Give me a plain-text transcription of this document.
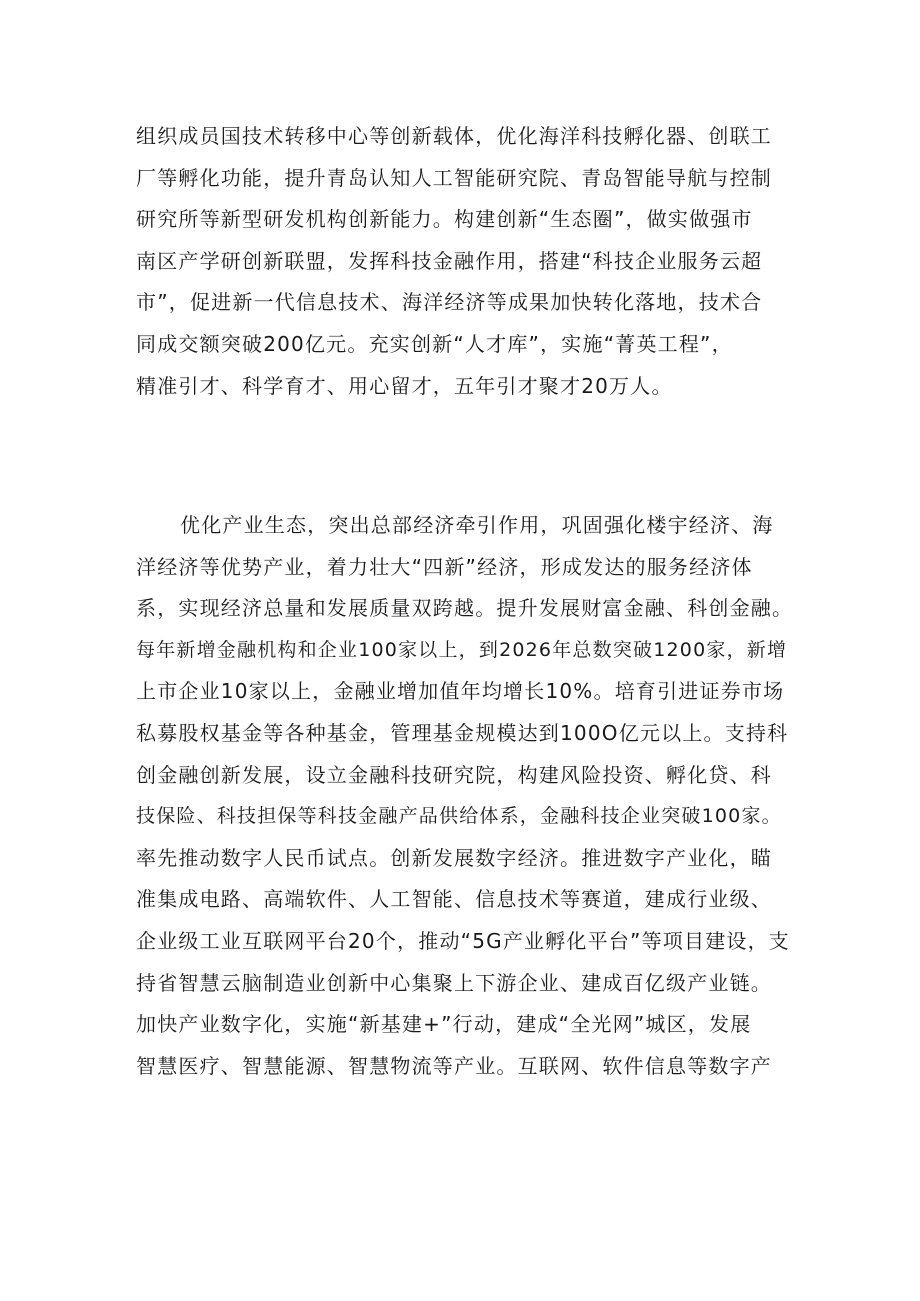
组织成员国技术转移中心等创新载体，优化海洋科技孵化器、创联工
厂等孵化功能，提升青岛认知人工智能研究院、青岛智能导航与控制
研究所等新型研发机构创新能力。构建创新“生态圈”，做实做强市
南区产学研创新联盟，发挥科技金融作用，搭建“科技企业服务云超
市”，促进新一代信息技术、海洋经济等成果加快转化落地，技术合
同成交额突破200亿元。充实创新“人才库”，实施“菁英工程”，
精准引才、科学育才、用心留才，五年引才聚才20万人。
优化产业生态，突出总部经济牵引作用，巩固强化楼宇经济、海
洋经济等优势产业，着力壮大“四新”经济，形成发达的服务经济体
系，实现经济总量和发展质量双跨越。提升发展财富金融、科创金融。
每年新增金融机构和企业100家以上，到2026年总数突破1200家，新增
上市企业10家以上，金融业增加值年均增长10%。培育引进证券市场
私募股权基金等各种基金，管理基金规模达到100O亿元以上。支持科
创金融创新发展，设立金融科技研究院，构建风险投资、孵化贷、科
技保险、科技担保等科技金融产品供给体系，金融科技企业突破100家。
率先推动数字人民币试点。创新发展数字经济。推进数字产业化，瞄
准集成电路、高端软件、人工智能、信息技术等赛道，建成行业级、
企业级工业互联网平台20个，推动“5G产业孵化平台”等项目建设，支
持省智慧云脑制造业创新中心集聚上下游企业、建成百亿级产业链。
加快产业数字化，实施“新基建+”行动，建成“全光网”城区，发展
智慧医疗、智慧能源、智慧物流等产业。互联网、软件信息等数字产
